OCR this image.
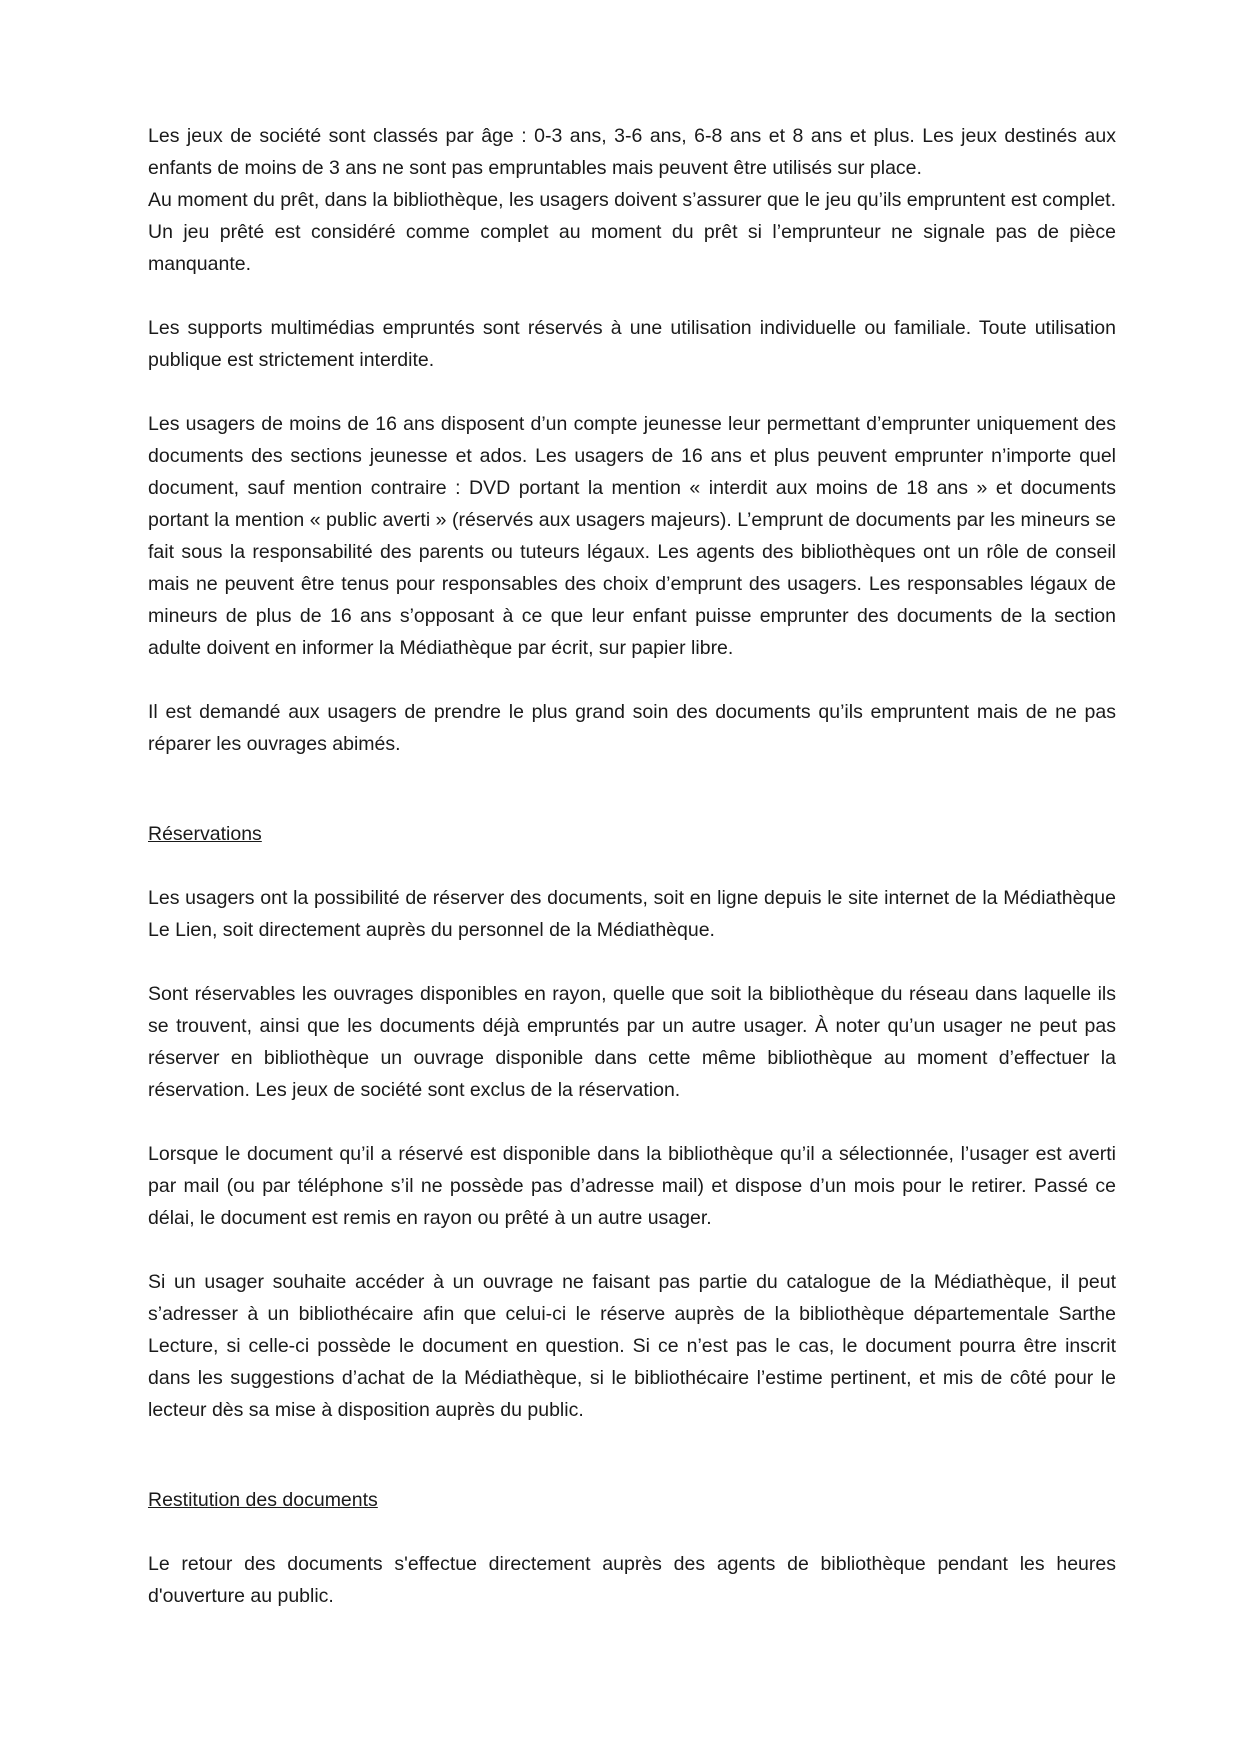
Les jeux de société sont classés par âge : 0-3 ans, 3-6 ans, 6-8 ans et 8 ans et plus. Les jeux destinés aux enfants de moins de 3 ans ne sont pas empruntables mais peuvent être utilisés sur place.

Au moment du prêt, dans la bibliothèque, les usagers doivent s’assurer que le jeu qu’ils empruntent est complet. Un jeu prêté est considéré comme complet au moment du prêt si l’emprunteur ne signale pas de pièce manquante.

Les supports multimédias empruntés sont réservés à une utilisation individuelle ou familiale. Toute utilisation publique est strictement interdite.

Les usagers de moins de 16 ans disposent d’un compte jeunesse leur permettant d’emprunter uniquement des documents des sections jeunesse et ados. Les usagers de 16 ans et plus peuvent emprunter n’importe quel document, sauf mention contraire : DVD portant la mention « interdit aux moins de 18 ans » et documents portant la mention « public averti » (réservés aux usagers majeurs). L’emprunt de documents par les mineurs se fait sous la responsabilité des parents ou tuteurs légaux. Les agents des bibliothèques ont un rôle de conseil mais ne peuvent être tenus pour responsables des choix d’emprunt des usagers. Les responsables légaux de mineurs de plus de 16 ans s’opposant à ce que leur enfant puisse emprunter des documents de la section adulte doivent en informer la Médiathèque par écrit, sur papier libre.

Il est demandé aux usagers de prendre le plus grand soin des documents qu’ils empruntent mais de ne pas réparer les ouvrages abimés.

Réservations

Les usagers ont la possibilité de réserver des documents, soit en ligne depuis le site internet de la Médiathèque Le Lien, soit directement auprès du personnel de la Médiathèque.

Sont réservables les ouvrages disponibles en rayon, quelle que soit la bibliothèque du réseau dans laquelle ils se trouvent, ainsi que les documents déjà empruntés par un autre usager. À noter qu’un usager ne peut pas réserver en bibliothèque un ouvrage disponible dans cette même bibliothèque au moment d’effectuer la réservation. Les jeux de société sont exclus de la réservation.

Lorsque le document qu’il a réservé est disponible dans la bibliothèque qu’il a sélectionnée, l’usager est averti par mail (ou par téléphone s’il ne possède pas d’adresse mail) et dispose d’un mois pour le retirer. Passé ce délai, le document est remis en rayon ou prêté à un autre usager.

Si un usager souhaite accéder à un ouvrage ne faisant pas partie du catalogue de la Médiathèque, il peut s’adresser à un bibliothécaire afin que celui-ci le réserve auprès de la bibliothèque départementale Sarthe Lecture, si celle-ci possède le document en question. Si ce n’est pas le cas, le document pourra être inscrit dans les suggestions d’achat de la Médiathèque, si le bibliothécaire l’estime pertinent, et mis de côté pour le lecteur dès sa mise à disposition auprès du public.

Restitution des documents

Le retour des documents s'effectue directement auprès des agents de bibliothèque pendant les heures d'ouverture au public.
